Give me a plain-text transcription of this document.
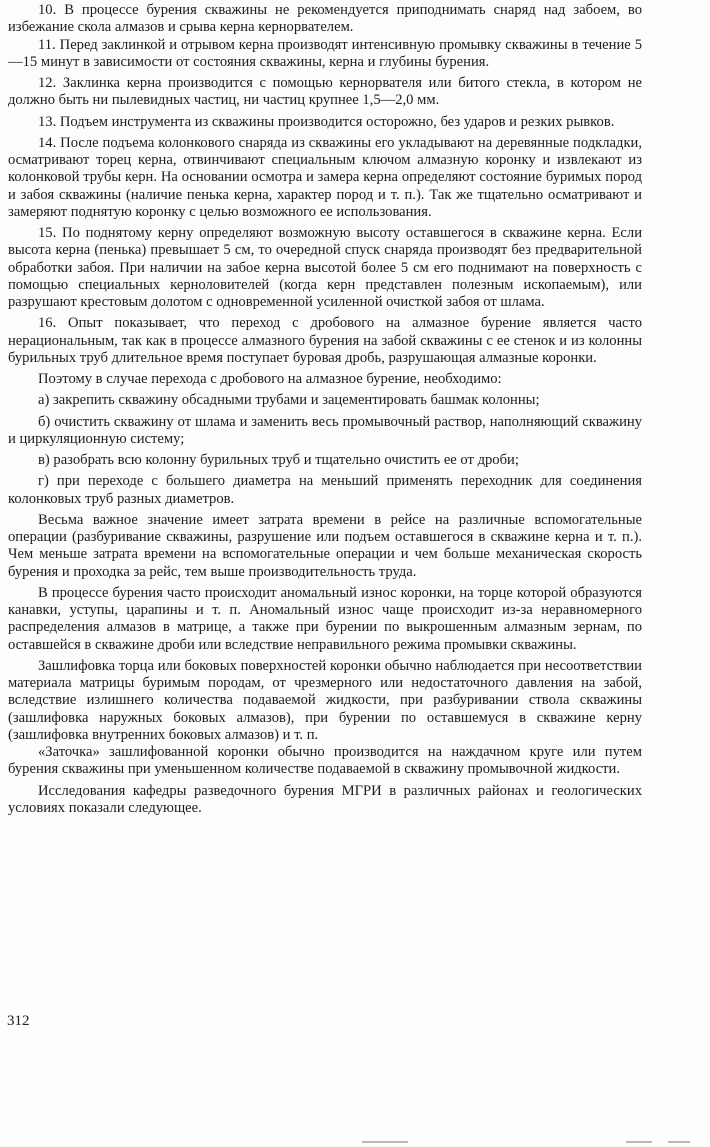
10. В процессе бурения скважины не рекомендуется приподнимать снаряд над забоем, во избежание скола алмазов и срыва керна кернорвателем.

11. Перед заклинкой и отрывом керна производят интенсивную промывку скважины в течение 5—15 минут в зависимости от состояния скважины, керна и глубины бурения.

12. Заклинка керна производится с помощью кернорвателя или битого стекла, в котором не должно быть ни пылевидных частиц, ни частиц крупнее 1,5—2,0 мм.

13. Подъем инструмента из скважины производится осторожно, без ударов и резких рывков.

14. После подъема колонкового снаряда из скважины его укладывают на деревянные подкладки, осматривают торец керна, отвинчивают специальным ключом алмазную коронку и извлекают из колонковой трубы керн. На основании осмотра и замера керна определяют состояние буримых пород и забоя скважины (наличие пенька керна, характер пород и т. п.). Так же тщательно осматривают и замеряют поднятую коронку с целью возможного ее использования.

15. По поднятому керну определяют возможную высоту оставшегося в скважине керна. Если высота керна (пенька) превышает 5 см, то очередной спуск снаряда производят без предварительной обработки забоя. При наличии на забое керна высотой более 5 см его поднимают на поверхность с помощью специальных керноловителей (когда керн представлен полезным ископаемым), или разрушают крестовым долотом с одновременной усиленной очисткой забоя от шлама.

16. Опыт показывает, что переход с дробового на алмазное бурение является часто нерациональным, так как в процессе алмазного бурения на забой скважины с ее стенок и из колонны бурильных труб длительное время поступает буровая дробь, разрушающая алмазные коронки.

Поэтому в случае перехода с дробового на алмазное бурение, необходимо:

а) закрепить скважину обсадными трубами и зацементировать башмак колонны;

б) очистить скважину от шлама и заменить весь промывочный раствор, наполняющий скважину и циркуляционную систему;

в) разобрать всю колонну бурильных труб и тщательно очистить ее от дроби;

г) при переходе с большего диаметра на меньший применять переходник для соединения колонковых труб разных диаметров.

Весьма важное значение имеет затрата времени в рейсе на различные вспомогательные операции (разбуривание скважины, разрушение или подъем оставшегося в скважине керна и т. п.). Чем меньше затрата времени на вспомогательные операции и чем больше механическая скорость бурения и проходка за рейс, тем выше производительность труда.

В процессе бурения часто происходит аномальный износ коронки, на торце которой образуются канавки, уступы, царапины и т. п. Аномальный износ чаще происходит из-за неравномерного распределения алмазов в матрице, а также при бурении по выкрошенным алмазным зернам, по оставшейся в скважине дроби или вследствие неправильного режима промывки скважины.

Зашлифовка торца или боковых поверхностей коронки обычно наблюдается при несоответствии материала матрицы буримым породам, от чрезмерного или недостаточного давления на забой, вследствие излишнего количества подаваемой жидкости, при разбуривании ствола скважины (зашлифовка наружных боковых алмазов), при бурении по оставшемуся в скважине керну (зашлифовка внутренних боковых алмазов) и т. п.

«Заточка» зашлифованной коронки обычно производится на наждачном круге или путем бурения скважины при уменьшенном количестве подаваемой в скважину промывочной жидкости.

Исследования кафедры разведочного бурения МГРИ в различных районах и геологических условиях показали следующее.

312
